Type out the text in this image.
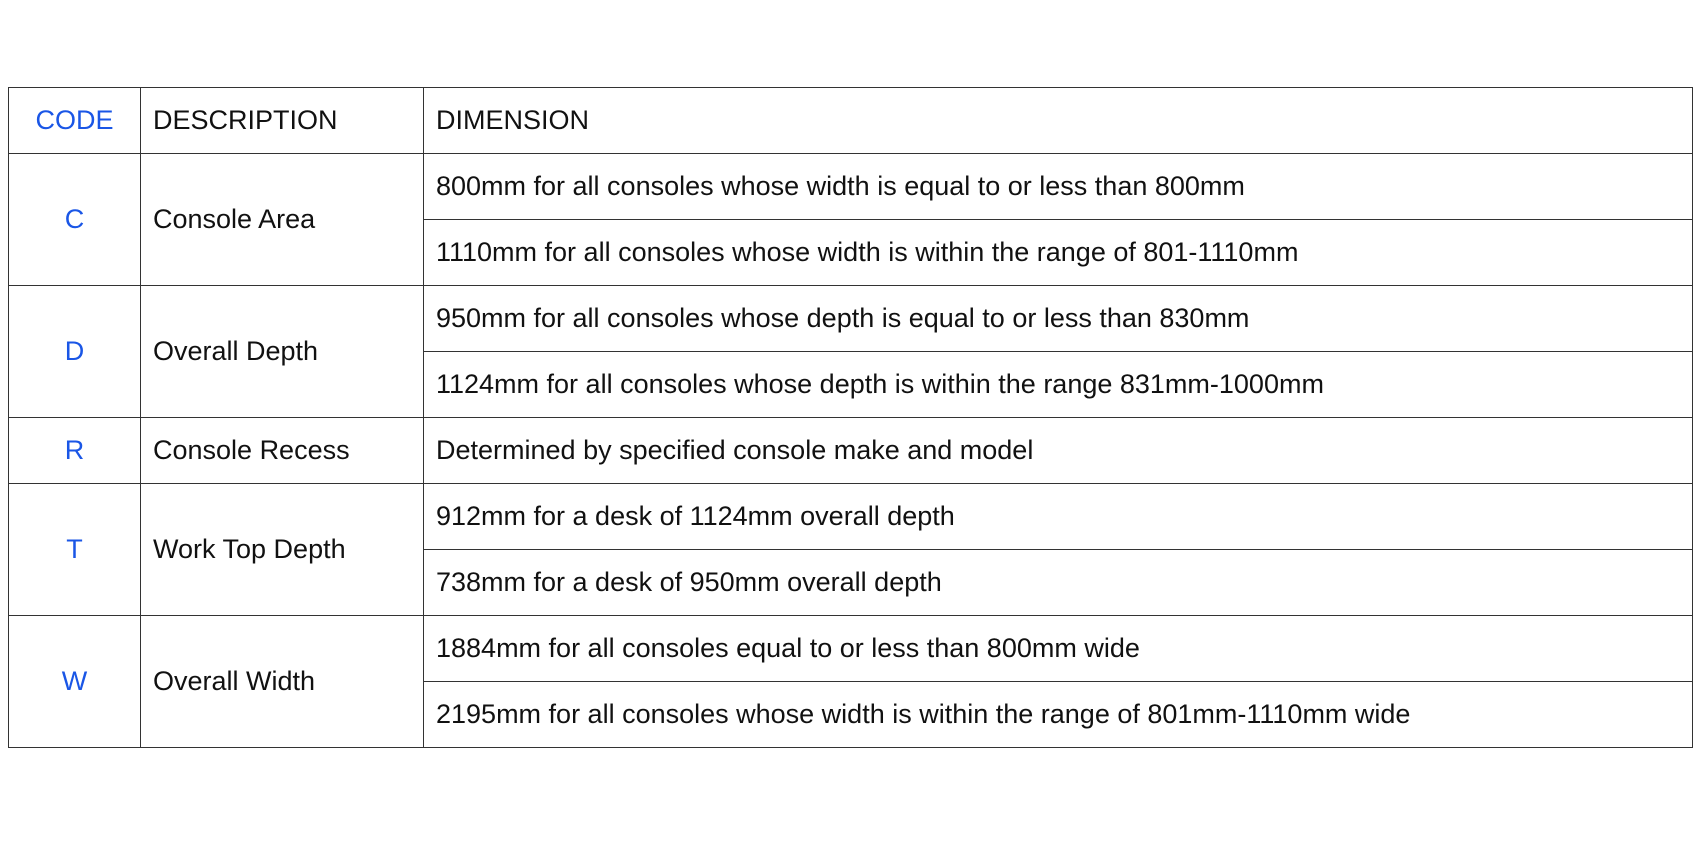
CODE	DESCRIPTION	DIMENSION
C	Console Area	800mm for all consoles whose width is equal to or less than 800mm
		1110mm for all consoles whose width is within the range of 801-1110mm
D	Overall Depth	950mm for all consoles whose depth is equal to or less than 830mm
		1124mm for all consoles whose depth is within the range 831mm-1000mm
R	Console Recess	Determined by specified console make and model
T	Work Top Depth	912mm for a desk of 1124mm overall depth
		738mm for a desk of 950mm overall depth
W	Overall Width	1884mm for all consoles equal to or less than 800mm wide
		2195mm for all consoles whose width is within the range of 801mm-1110mm wide
